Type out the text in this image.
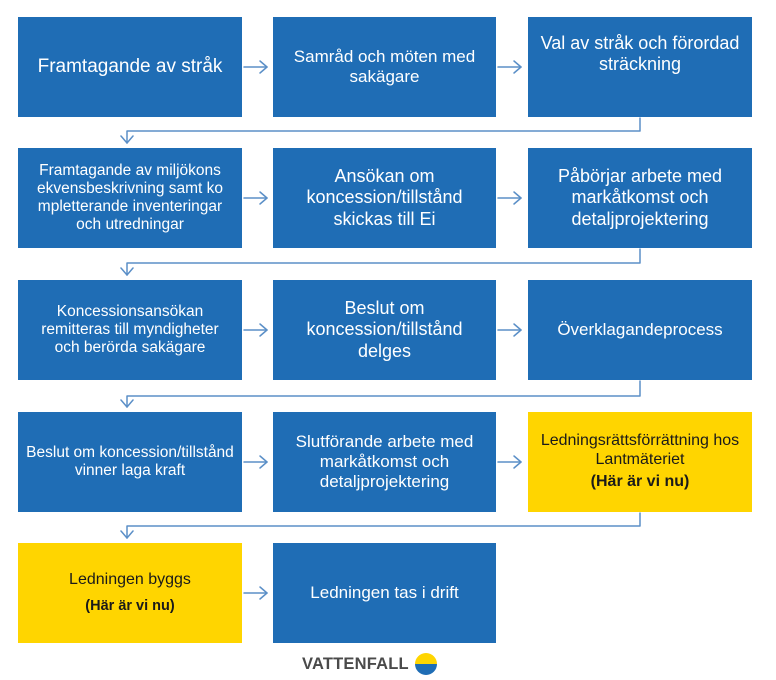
Framtagande av stråk	Samråd och möten med sakägare
Val av stråk och förordad sträckning
Framtagande av miljökonsekvensbeskrivning samt kompletterande inventeringar och utredningar
Ansökan om koncession/tillstånd skickas till Ei
Påbörjar arbete med markåtkomst och detaljprojektering
Koncessionsansökan remitteras till myndigheter och berörda sakägare
Beslut om koncession/tillstånd delges
Överklagandeprocess
Beslut om koncession/tillstånd vinner laga kraft
Slutförande arbete med markåtkomst och detaljprojektering
Ledningsrättsförrättning hos Lantmäteriet
(Här är vi nu)
Ledningen byggs
(Här är vi nu)
Ledningen tas i drift
VATTENFALL
